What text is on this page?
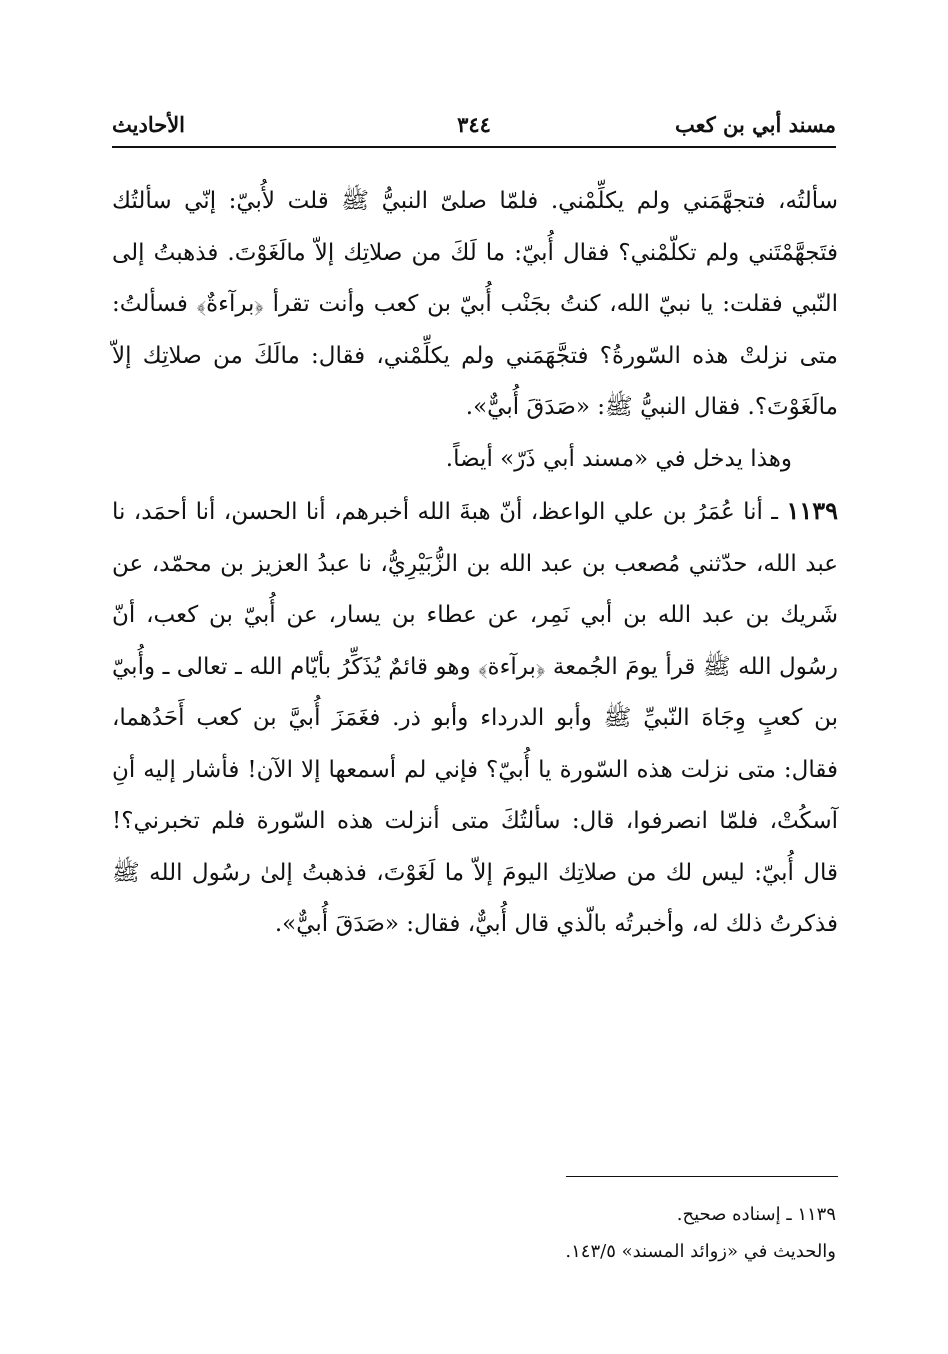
مسند أبي بن كعب
٣٤٤
الأحاديث

سألتُه، فتجهَّمَني ولم يكلِّمْني. فلمّا صلىّ النبيُّ ﷺ قلت لأُبيّ: إنّي سألتُك فتَجهَّمْتَني ولم تكلّمْني؟ فقال أُبيّ: ما لَكَ من صلاتِك إلاّ مالَغَوْتَ. فذهبتُ إلى النّبي فقلت: يا نبيّ الله، كنتُ بجَنْب أُبيّ بن كعب وأنت تقرأ ﴿برآءةٌ﴾ فسألتُ: متى نزلتْ هذه السّورةُ؟ فتجَّهَمَني ولم يكلِّمْني، فقال: مالَكَ من صلاتِك إلاّ مالَغَوْتَ؟. فقال النبيُّ ﷺ: «صَدَقَ أُبيٌّ».

وهذا يدخل في «مسند أبي ذَرّ» أيضاً.

١١٣٩ ـ أنا عُمَرُ بن علي الواعظ، أنّ هبةَ الله أخبرهم، أنا الحسن، أنا أحمَد، نا عبد الله، حدّثني مُصعب بن عبد الله بن الزُّبَيْرِيُّ، نا عبدُ العزيز بن محمّد، عن شَريك بن عبد الله بن أبي نَمِر، عن عطاء بن يسار، عن أُبيّ بن كعب، أنّ رسُول الله ﷺ قرأ يومَ الجُمعة ﴿برآءة﴾ وهو قائمٌ يُذَكِّرُ بأيّام الله ـ تعالى ـ وأُبيّ بن كعبٍ وِجَاهَ النّبيِّ ﷺ وأبو الدرداء وأبو ذر. فغَمَزَ أُبيَّ بن كعب أَحَدُهما، فقال: متى نزلت هذه السّورة يا أُبيّ؟ فإني لم أسمعها إلا الآن! فأشار إليه أنِ آسكُتْ، فلمّا انصرفوا، قال: سألتُكَ متى أنزلت هذه السّورة فلم تخبرني؟! قال أُبيّ: ليس لك من صلاتِك اليومَ إلاّ ما لَغَوْتَ، فذهبتُ إلىٰ رسُول الله ﷺ فذكرتُ ذلك له، وأخبرتُه بالّذي قال أُبيٌّ، فقال: «صَدَقَ أُبيٌّ».

١١٣٩ ـ إسناده صحيح.

والحديث في «زوائد المسند» ١٤٣/٥.
